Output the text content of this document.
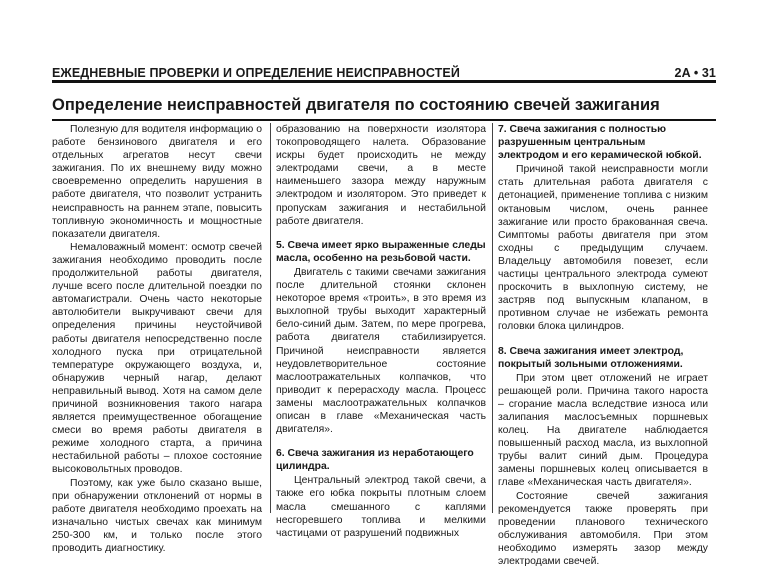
ЕЖЕДНЕВНЫЕ ПРОВЕРКИ И ОПРЕДЕЛЕНИЕ НЕИСПРАВНОСТЕЙ	2A • 31
Определение неисправностей двигателя по состоянию свечей зажигания

Полезную для водителя информацию о работе бензинового двигателя и его отдельных агрегатов несут свечи зажигания. По их внешнему виду можно своевременно определить нарушения в работе двигателя, что позволит устранить неисправность на раннем этапе, повысить топливную экономичность и мощностные показатели двигателя.

Немаловажный момент: осмотр свечей зажигания необходимо проводить после продолжительной работы двигателя, лучше всего после длительной поездки по автомагистрали. Очень часто некоторые автолюбители выкручивают свечи для определения причины неустойчивой работы двигателя непосредственно после холодного пуска при отрицательной температуре окружающего воздуха, и, обнаружив черный нагар, делают неправильный вывод. Хотя на самом деле причиной возникновения такого нагара является преимущественное обогащение смеси во время работы двигателя в режиме холодного старта, а причина нестабильной работы – плохое состояние высоковольтных проводов.

Поэтому, как уже было сказано выше, при обнаружении отклонений от нормы в работе двигателя необходимо проехать на изначально чистых свечах как минимум 250-300 км, и только после этого проводить диагностику.

образованию на поверхности изолятора токопроводящего налета. Образование искры будет происходить не между электродами свечи, а в месте наименьшего зазора между наружным электродом и изолятором. Это приведет к пропускам зажигания и нестабильной работе двигателя.

5. Свеча имеет ярко выраженные следы масла, особенно на резьбовой части.

Двигатель с такими свечами зажигания после длительной стоянки склонен некоторое время «троить», в это время из выхлопной трубы выходит характерный бело-синий дым. Затем, по мере прогрева, работа двигателя стабилизируется. Причиной неисправности является неудовлетворительное состояние маслоотражательных колпачков, что приводит к перерасходу масла. Процесс замены маслоотражательных колпачков описан в главе «Механическая часть двигателя».

6. Свеча зажигания из неработающего цилиндра.

Центральный электрод такой свечи, а также его юбка покрыты плотным слоем масла смешанного с каплями несгоревшего топлива и мелкими частицами от разрушений подвижных

7. Свеча зажигания с полностью разрушенным центральным электродом и его керамической юбкой.

Причиной такой неисправности могли стать длительная работа двигателя с детонацией, применение топлива с низким октановым числом, очень раннее зажигание или просто бракованная свеча. Симптомы работы двигателя при этом сходны с предыдущим случаем. Владельцу автомобиля повезет, если частицы центрального электрода сумеют проскочить в выхлопную систему, не застряв под выпускным клапаном, в противном случае не избежать ремонта головки блока цилиндров.

8. Свеча зажигания имеет электрод, покрытый зольными отложениями.

При этом цвет отложений не играет решающей роли. Причина такого нароста – сгорание масла вследствие износа или залипания маслосъемных поршневых колец. На двигателе наблюдается повышенный расход масла, из выхлопной трубы валит синий дым. Процедура замены поршневых колец описывается в главе «Механическая часть двигателя».

Состояние свечей зажигания рекомендуется также проверять при проведении планового технического обслуживания автомобиля. При этом необходимо измерять зазор между электродами свечей.
